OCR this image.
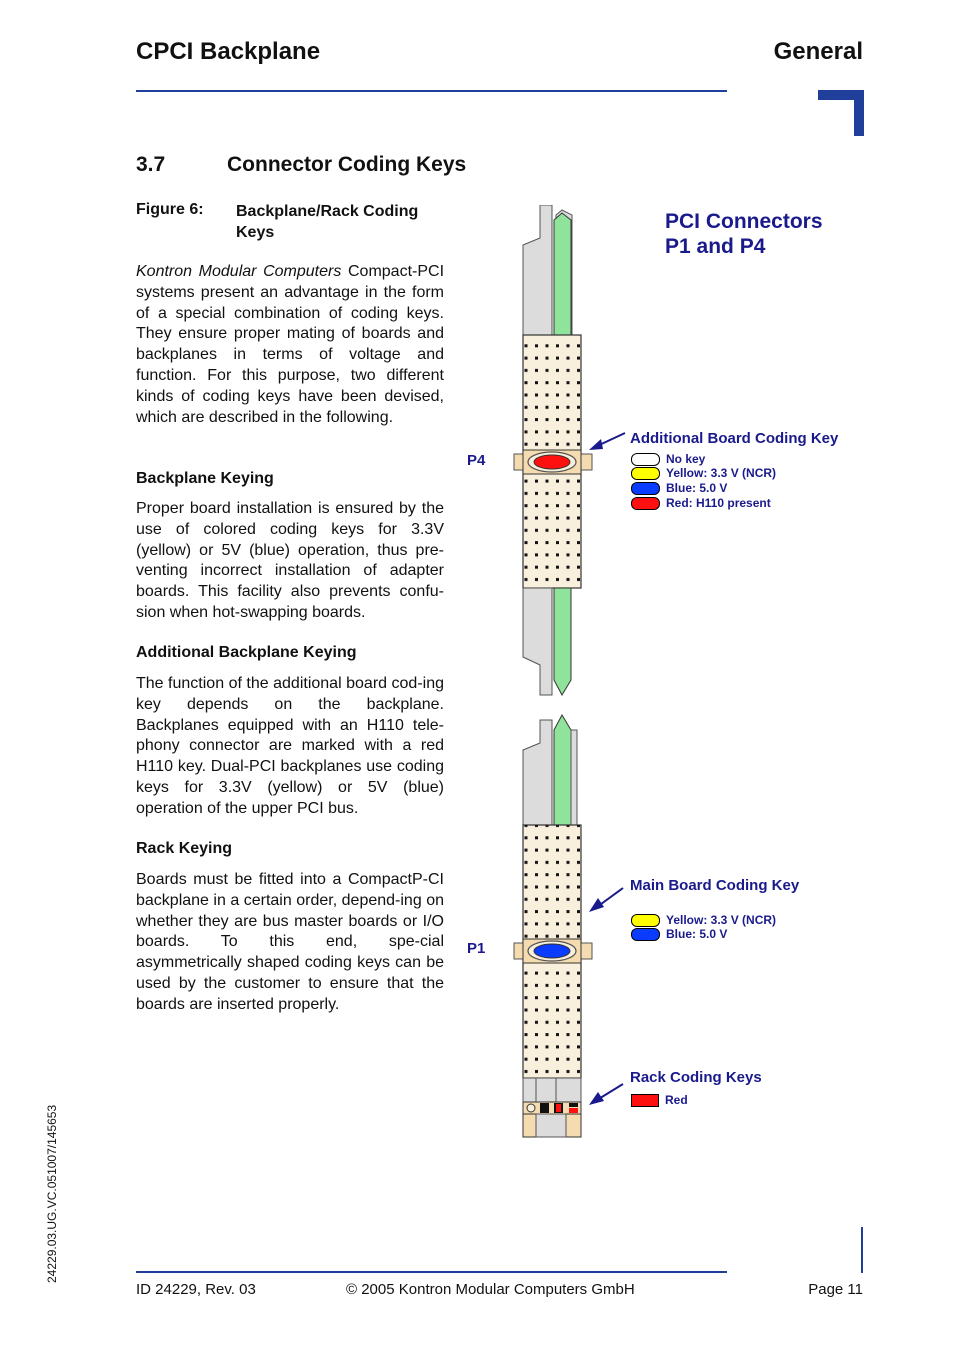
CPCI Backplane	General
3.7	Connector Coding Keys
Figure 6: Backplane/Rack Coding
Keys

Kontron Modular Computers Compact-PCI systems present an advantage in the form of a special combination of coding keys. They ensure proper mating of boards and backplanes in terms of voltage and function. For this purpose, two different kinds of coding keys have been devised, which are described in the following.

Backplane Keying
Proper board installation is ensured by the use of colored coding keys for 3.3V (yellow) or 5V (blue) operation, thus pre-venting incorrect installation of adapter boards. This facility also prevents confu-sion when hot-swapping boards.
Additional Backplane Keying
The function of the additional board cod-ing key depends on the backplane. Backplanes equipped with an H110 tele-phony connector are marked with a red H110 key. Dual-PCI backplanes use coding keys for 3.3V (yellow) or 5V (blue) operation of the upper PCI bus.
Rack Keying
Boards must be fitted into a CompactP-CI backplane in a certain order, depend-ing on whether they are bus master boards or I/O boards. To this end, spe-cial asymmetrically shaped coding keys can be used by the customer to ensure that the boards are inserted properly.
PCI Connectors
P1 and P4
P4
P1
Additional Board Coding Key
No key
Yellow: 3.3 V (NCR)
Blue: 5.0 V
Red: H110 present
Main Board Coding Key
Yellow: 3.3 V (NCR)
Blue: 5.0 V
Rack Coding Keys
Red
24229.03.UG.VC.051007/145653
ID 24229, Rev. 03	© 2005 Kontron Modular Computers GmbH	Page 11
